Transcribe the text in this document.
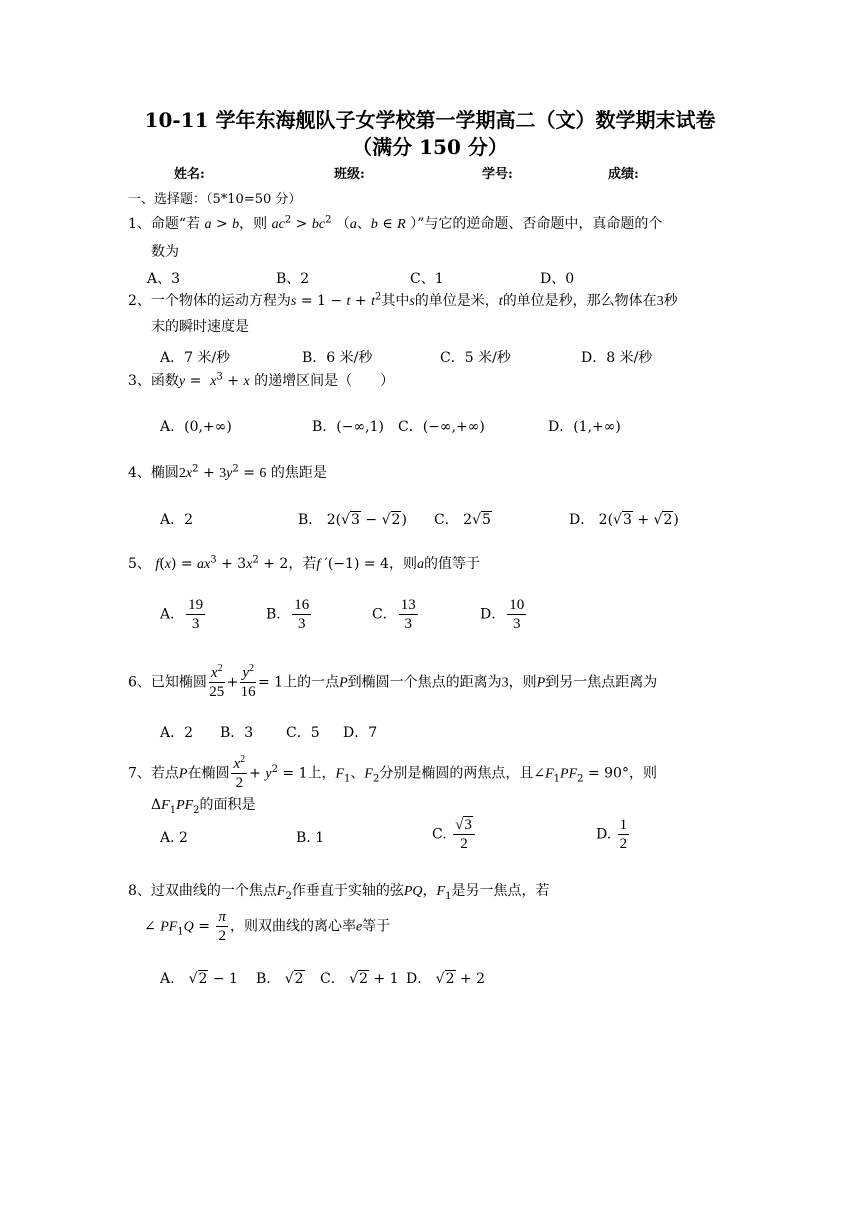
10-11 学年东海舰队子女学校第一学期高二（文）数学期末试卷
（满分 150 分）
姓名:	班级:	学号:	成绩:
一、选择题：（5*10=50 分）
1、命题“若 a > b，则 $ac^2 > bc^2$ （a、b ∈ R ）”与它的逆命题、否命题中，真命题的个
数为
A、3	B、2	C、1	D、0
2、一个物体的运动方程为$s = 1 - t + t^2$其中s的单位是米，t的单位是秒，那么物体在3秒
末的瞬时速度是
A．7 米/秒	B．6 米/秒	C．5 米/秒	D．8 米/秒
3、函数$y = x^3 + x$ 的递增区间是（　　）
A．(0,+∞)	B．(−∞,1) C．(−∞,+∞)	D．(1,+∞)
4、椭圆$2x^2 + 3y^2 = 6$ 的焦距是
A．2	B． 2(√3 − √2) C． 2√5	D． 2(√3 + √2)
5、 $f(x) = ax^3 + 3x^2 + 2$，若f ′(−1) = 4，则a的值等于
A． $\frac{19}{3}$	B． $\frac{16}{3}$	C． $\frac{13}{3}$	D． $\frac{10}{3}$
6、已知椭圆 $\frac{x^2}{25} + \frac{y^2}{16} = 1$上的一点P到椭圆一个焦点的距离为3，则P到另一焦点距离为
A．2 B．3 C．5 D．7
7、若点P在椭圆 $\frac{x^2}{2} + y^2 = 1$上，$F_1$、$F_2$分别是椭圆的两焦点，且$\angle F_1PF_2 = 90^\circ$，则
$\Delta F_1PF_2$的面积是
A. 2	B. 1	C. $\frac{√3}{2}$	D. $\frac{1}{2}$
8、过双曲线的一个焦点$F_2$作垂直于实轴的弦PQ，$F_1$是另一焦点，若
∠ $PF_1Q = \frac{\pi}{2}$ ，则双曲线的离心率e等于
A． √2 − 1 B． √2 C． √2 + 1 D． √2 + 2
